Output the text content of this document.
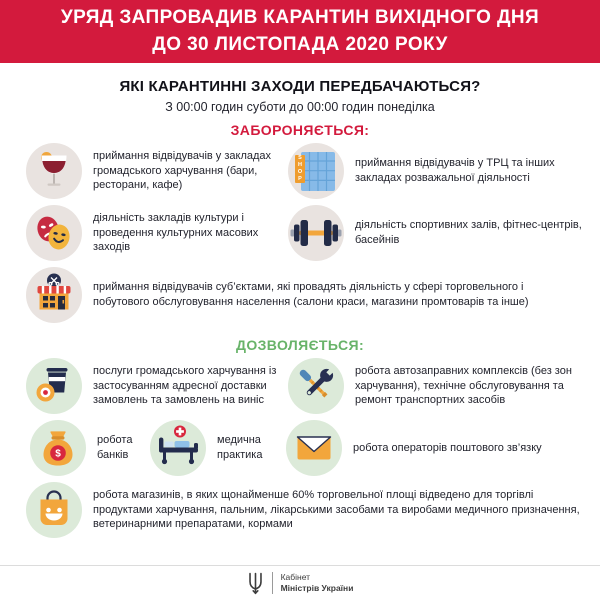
УРЯД ЗАПРОВАДИВ КАРАНТИН ВИХІДНОГО ДНЯ
ДО 30 ЛИСТОПАДА 2020 РОКУ
ЯКІ КАРАНТИННІ ЗАХОДИ ПЕРЕДБАЧАЮТЬСЯ?
З 00:00 годин суботи до 00:00 годин понеділка
ЗАБОРОНЯЄТЬСЯ:
приймання відвідувачів у закладах громадського харчування (бари, ресторани, кафе)
SHOP	приймання відвідувачів у ТРЦ та інших закладах розважальної діяльності
діяльність закладів культури і проведення культурних масових заходів
діяльність спортивних залів, фітнес-центрів, басейнів
приймання відвідувачів суб’єктами, які провадять діяльність у сфері торговельного і побутового обслуговування населення (салони краси, магазини промтоварів та інше)
ДОЗВОЛЯЄТЬСЯ:
послуги громадського харчування із застосуванням адресної доставки замовлень та замовлень на виніс
робота автозаправних комплексів (без зон харчування), технічне обслуговування та ремонт транспортних засобів
$
робота банків
медична практика
робота операторів поштового зв’язку
робота магазинів, в яких щонайменше 60% торговельної площі відведено для торгівлі продуктами харчування, пальним, лікарськими засобами та виробами медичного призначення, ветеринарними препаратами, кормами
Кабінет
Міністрів України
